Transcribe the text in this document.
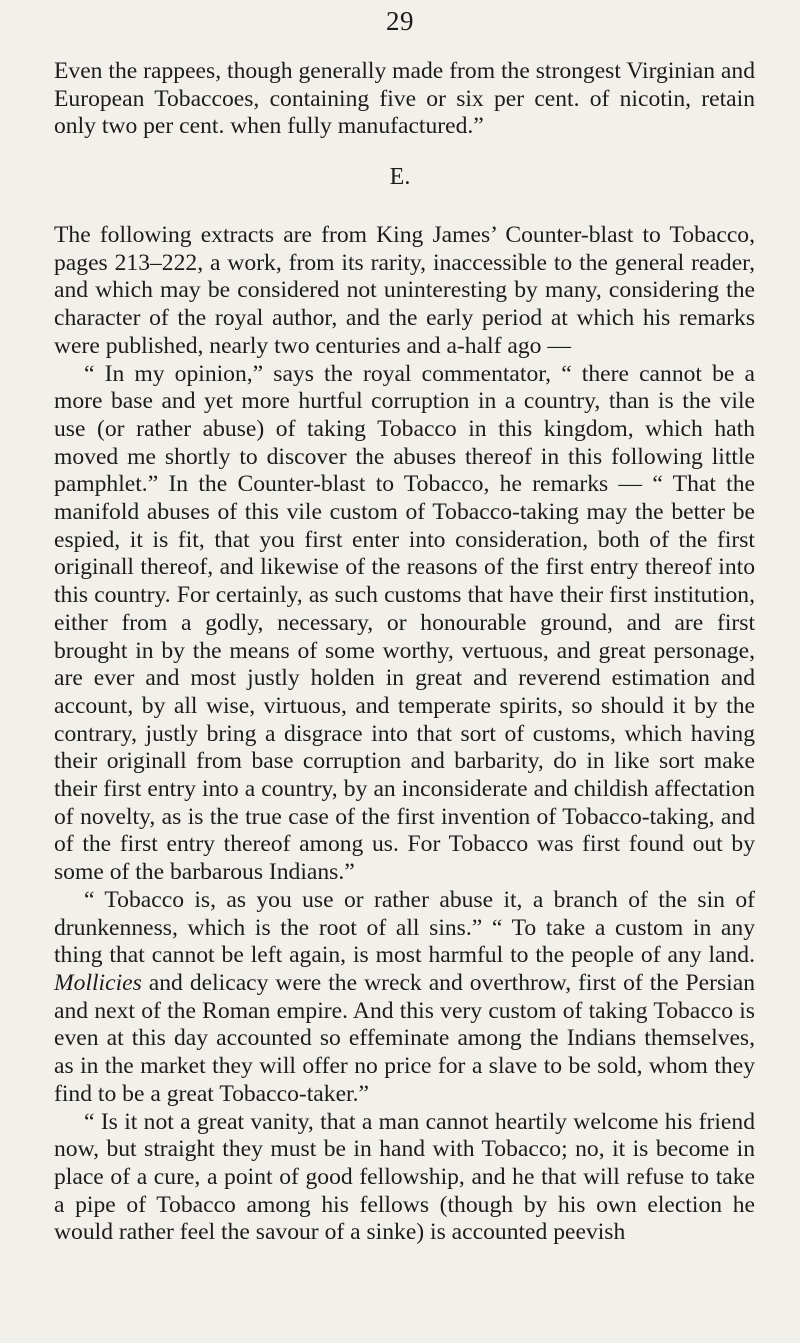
29

Even the rappees, though generally made from the strongest Virginian and European Tobaccoes, containing five or six per cent. of nicotin, retain only two per cent. when fully manufactured.”

E.

The following extracts are from King James’ Counter-blast to Tobacco, pages 213–222, a work, from its rarity, inaccessible to the general reader, and which may be considered not uninteresting by many, considering the character of the royal author, and the early period at which his remarks were published, nearly two centuries and a-half ago —

“ In my opinion,” says the royal commentator, “ there cannot be a more base and yet more hurtful corruption in a country, than is the vile use (or rather abuse) of taking Tobacco in this kingdom, which hath moved me shortly to discover the abuses thereof in this following little pamphlet.” In the Counter-blast to Tobacco, he remarks — “ That the manifold abuses of this vile custom of Tobacco-taking may the better be espied, it is fit, that you first enter into consideration, both of the first originall thereof, and likewise of the reasons of the first entry thereof into this country. For certainly, as such customs that have their first institution, either from a godly, necessary, or honourable ground, and are first brought in by the means of some worthy, vertuous, and great personage, are ever and most justly holden in great and reverend estimation and account, by all wise, virtuous, and temperate spirits, so should it by the contrary, justly bring a disgrace into that sort of customs, which having their originall from base corruption and barbarity, do in like sort make their first entry into a country, by an inconsiderate and childish affectation of novelty, as is the true case of the first invention of Tobacco-taking, and of the first entry thereof among us. For Tobacco was first found out by some of the barbarous Indians.”

“ Tobacco is, as you use or rather abuse it, a branch of the sin of drunkenness, which is the root of all sins.” “ To take a custom in any thing that cannot be left again, is most harmful to the people of any land. Mollicies and delicacy were the wreck and overthrow, first of the Persian and next of the Roman empire. And this very custom of taking Tobacco is even at this day accounted so effeminate among the Indians themselves, as in the market they will offer no price for a slave to be sold, whom they find to be a great Tobacco-taker.”

“ Is it not a great vanity, that a man cannot heartily welcome his friend now, but straight they must be in hand with Tobacco; no, it is become in place of a cure, a point of good fellowship, and he that will refuse to take a pipe of Tobacco among his fellows (though by his own election he would rather feel the savour of a sinke) is accounted peevish
